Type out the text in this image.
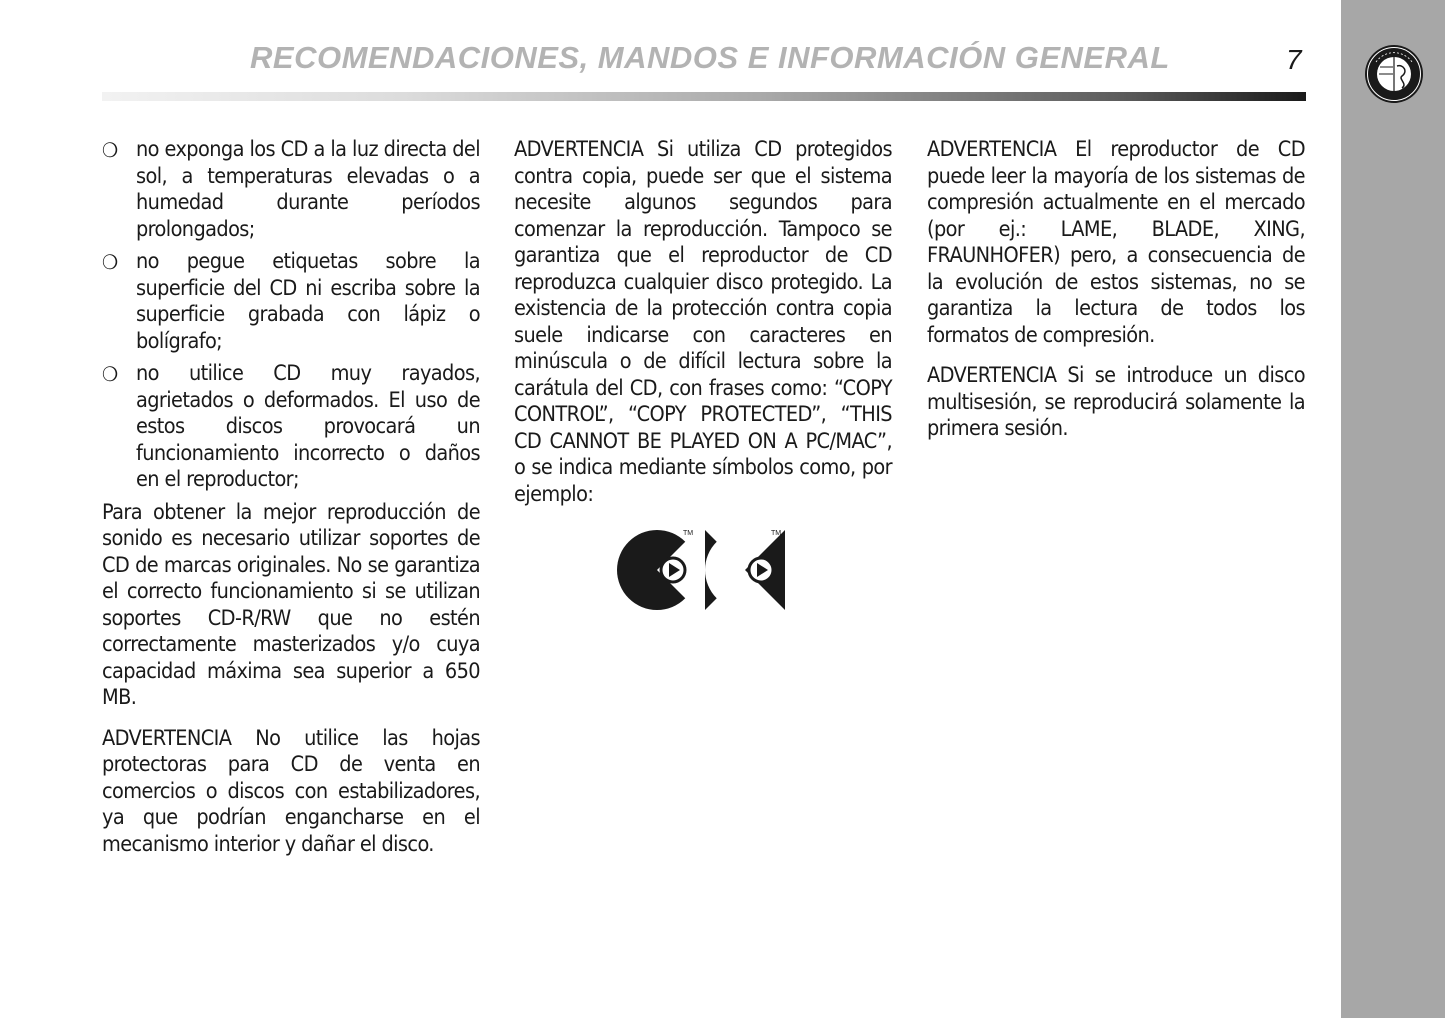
RECOMENDACIONES, MANDOS E INFORMACIÓN GENERAL	7
❍ no exponga los CD a la luz directa del sol, a temperaturas elevadas o a humedad durante períodos prolongados;
❍ no pegue etiquetas sobre la superficie del CD ni escriba sobre la superficie grabada con lápiz o bolígrafo;
❍ no utilice CD muy rayados, agrietados o deformados. El uso de estos discos provocará un funcionamiento incorrecto o daños en el reproductor;

Para obtener la mejor reproducción de sonido es necesario utilizar soportes de CD de marcas originales. No se garantiza el correcto funcionamiento si se utilizan soportes CD-R/RW que no estén correctamente masterizados y/o cuya capacidad máxima sea superior a 650 MB.

ADVERTENCIA No utilice las hojas protectoras para CD de venta en comercios o discos con estabilizadores, ya que podrían engancharse en el mecanismo interior y dañar el disco.

ADVERTENCIA Si utiliza CD protegidos contra copia, puede ser que el sistema necesite algunos segundos para comenzar la reproducción. Tampoco se garantiza que el reproductor de CD reproduzca cualquier disco protegido. La existencia de la protección contra copia suele indicarse con caracteres en minúscula o de difícil lectura sobre la carátula del CD, con frases como: “COPY CONTROL”, “COPY PROTECTED”, “THIS CD CANNOT BE PLAYED ON A PC/MAC”, o se indica mediante símbolos como, por ejemplo:

TM	TM

ADVERTENCIA El reproductor de CD puede leer la mayoría de los sistemas de compresión actualmente en el mercado (por ej.: LAME, BLADE, XING, FRAUNHOFER) pero, a consecuencia de la evolución de estos sistemas, no se garantiza la lectura de todos los formatos de compresión.

ADVERTENCIA Si se introduce un disco multisesión, se reproducirá solamente la primera sesión.
